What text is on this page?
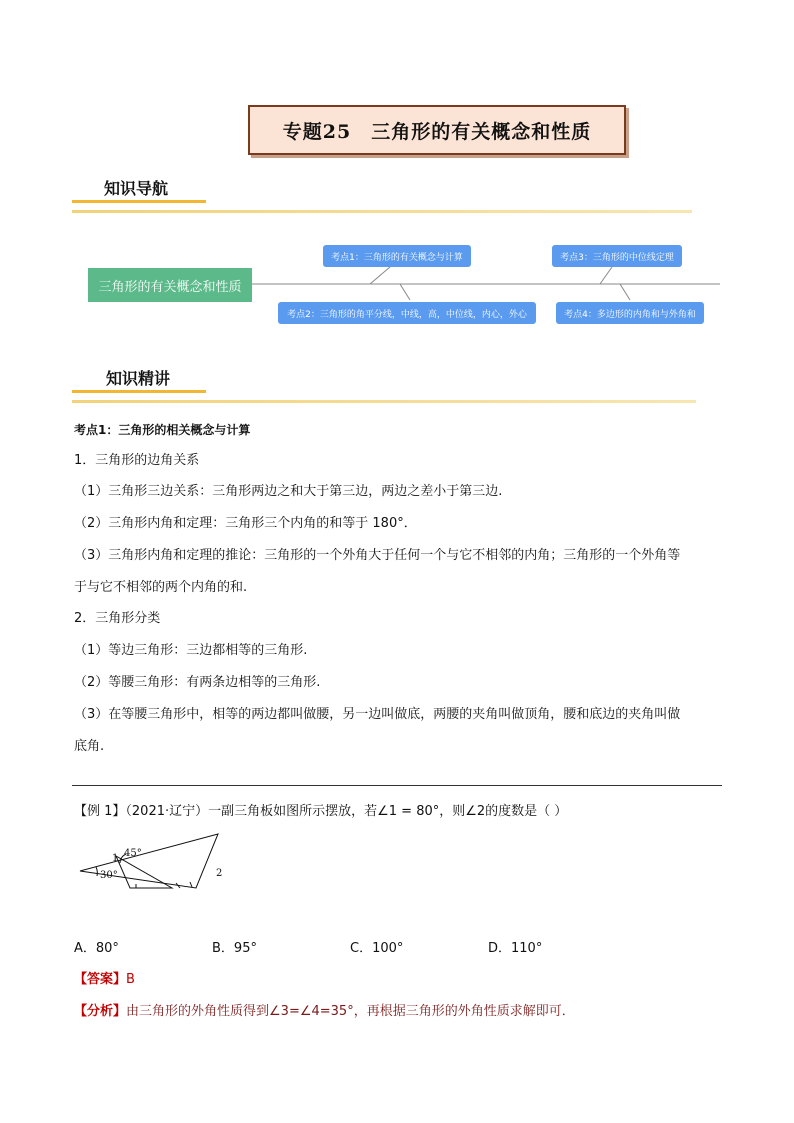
专题25　三角形的有关概念和性质
知识导航
三角形的有关概念和性质
考点1：三角形的有关概念与计算
考点2：三角形的角平分线，中线，高，中位线，内心，外心
考点3：三角形的中位线定理
考点4：多边形的内角和与外角和
知识精讲
考点1：三角形的相关概念与计算
1．三角形的边角关系
（1）三角形三边关系：三角形两边之和大于第三边，两边之差小于第三边.
（2）三角形内角和定理：三角形三个内角的和等于 180°．
（3）三角形内角和定理的推论：三角形的一个外角大于任何一个与它不相邻的内角；三角形的一个外角等
于与它不相邻的两个内角的和.
2．三角形分类
（1）等边三角形：三边都相等的三角形.
（2）等腰三角形：有两条边相等的三角形.
（3）在等腰三角形中，相等的两边都叫做腰，另一边叫做底，两腰的夹角叫做顶角，腰和底边的夹角叫做
底角.
【例 1】（2021·辽宁）一副三角板如图所示摆放，若∠1 = 80°，则∠2的度数是（ ）
1 45°
30°	2
A．80°	B．95°	C．100°	D．110°
【答案】B
【分析】由三角形的外角性质得到∠3=∠4=35°，再根据三角形的外角性质求解即可．
